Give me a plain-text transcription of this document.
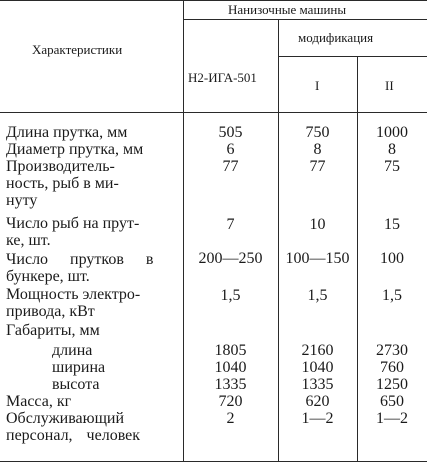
Характеристики
Нанизочные машины
модификация
Н2-ИГА-501
I	II
Длина прутка, мм	505	750	1000
Диаметр прутка, мм	6	8	8
Производитель-
ность, рыб в ми-
нуту
77	77	75
Число рыб на прут-
ке, шт.
7	10	15
Число прутков в
бункере, шт.
200—250	100—150	100
Мощность электро-
привода, кВт
1,5	1,5	1,5
Габариты, мм
длина	1805	2160	2730
ширина	1040	1040	760
высота	1335	1335	1250
Масса, кг	720	620	650
Обслуживающий
персонал, человек
2	1—2	1—2
